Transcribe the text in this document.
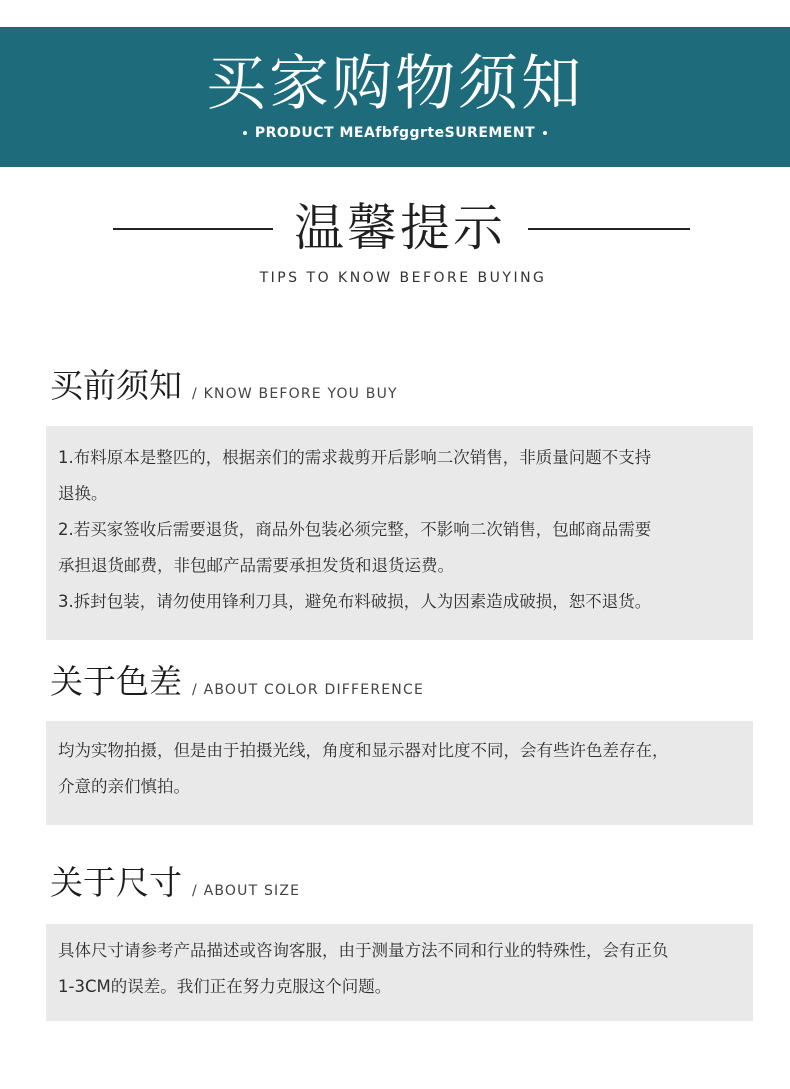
买家购物须知
PRODUCT MEAfbfggrteSUREMENT
温馨提示
TIPS TO KNOW BEFORE BUYING
买前须知 / KNOW BEFORE YOU BUY

1.布料原本是整匹的，根据亲们的需求裁剪开后影响二次销售，非质量问题不支持

退换。

2.若买家签收后需要退货，商品外包装必须完整，不影响二次销售，包邮商品需要

承担退货邮费，非包邮产品需要承担发货和退货运费。

3.拆封包装，请勿使用锋利刀具，避免布料破损，人为因素造成破损，恕不退货。

关于色差 / ABOUT COLOR DIFFERENCE

均为实物拍摄，但是由于拍摄光线，角度和显示器对比度不同，会有些许色差存在，

介意的亲们慎拍。

关于尺寸 / ABOUT SIZE

具体尺寸请参考产品描述或咨询客服，由于测量方法不同和行业的特殊性，会有正负

1-3CM的误差。我们正在努力克服这个问题。
